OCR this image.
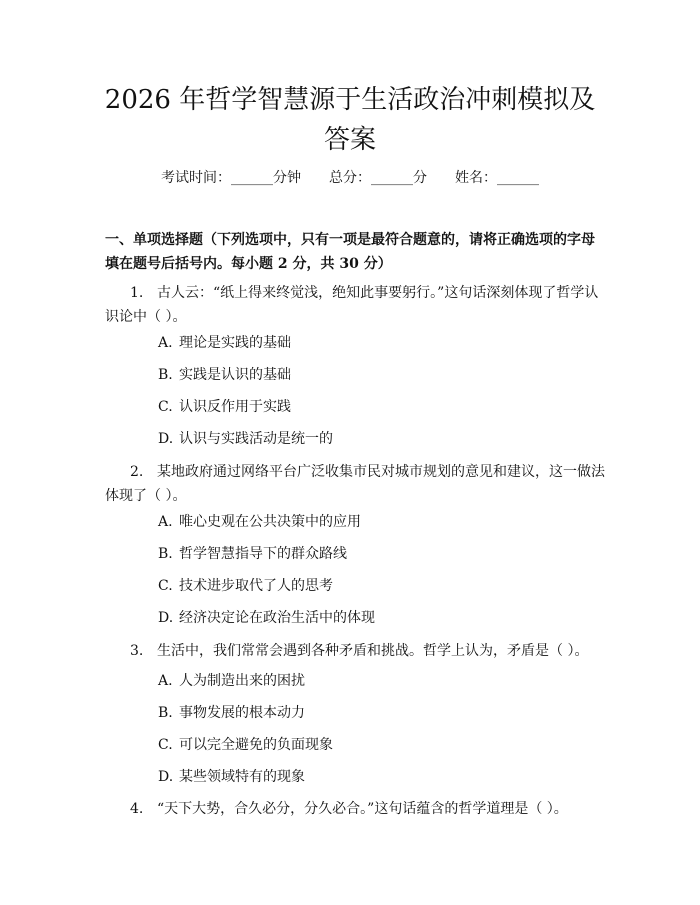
2026 年哲学智慧源于生活政治冲刺模拟及答案
考试时间：______分钟 总分：______分 姓名：______
一、单项选择题（下列选项中，只有一项是最符合题意的，请将正确选项的字母填在题号后括号内。每小题 2 分，共 30 分）
1. 古人云：“纸上得来终觉浅，绝知此事要躬行。”这句话深刻体现了哲学认识论中（ ）。
A. 理论是实践的基础
B. 实践是认识的基础
C. 认识反作用于实践
D. 认识与实践活动是统一的
2. 某地政府通过网络平台广泛收集市民对城市规划的意见和建议，这一做法体现了（ ）。
A. 唯心史观在公共决策中的应用
B. 哲学智慧指导下的群众路线
C. 技术进步取代了人的思考
D. 经济决定论在政治生活中的体现
3. 生活中，我们常常会遇到各种矛盾和挑战。哲学上认为，矛盾是（ ）。
A. 人为制造出来的困扰
B. 事物发展的根本动力
C. 可以完全避免的负面现象
D. 某些领域特有的现象
4. “天下大势，合久必分，分久必合。”这句话蕴含的哲学道理是（ ）。
